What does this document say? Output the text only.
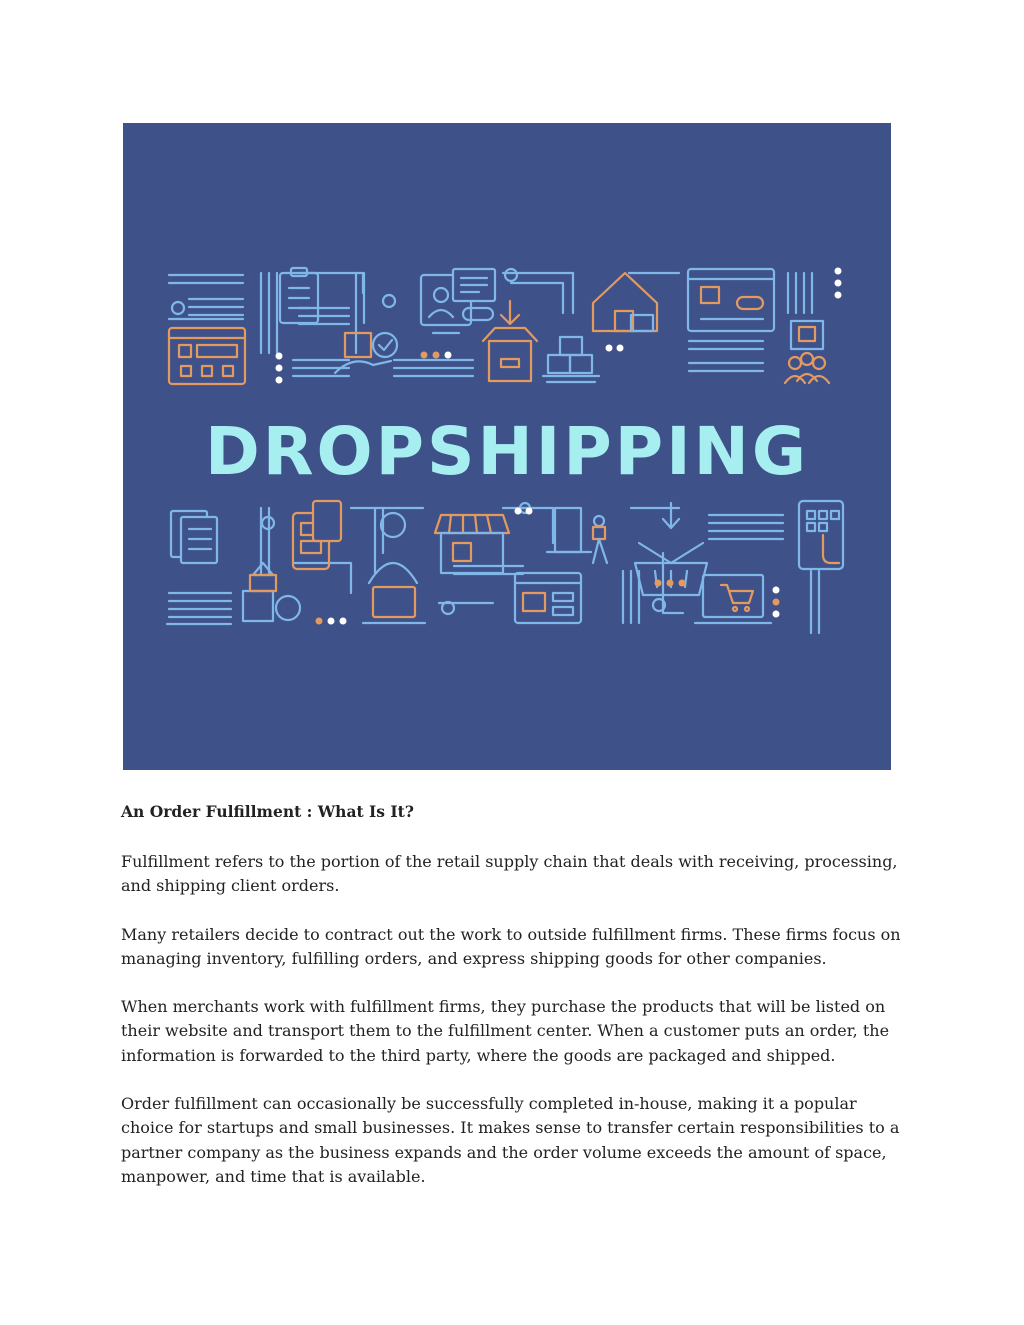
DROPSHIPPING
An Order Fulfillment : What Is It?

Fulfillment refers to the portion of the retail supply chain that deals with receiving, processing, and shipping client orders.

Many retailers decide to contract out the work to outside fulfillment firms. These firms focus on managing inventory, fulfilling orders, and express shipping goods for other companies.

When merchants work with fulfillment firms, they purchase the products that will be listed on their website and transport them to the fulfillment center. When a customer puts an order, the information is forwarded to the third party, where the goods are packaged and shipped.

Order fulfillment can occasionally be successfully completed in-house, making it a popular choice for startups and small businesses. It makes sense to transfer certain responsibilities to a partner company as the business expands and the order volume exceeds the amount of space, manpower, and time that is available.
